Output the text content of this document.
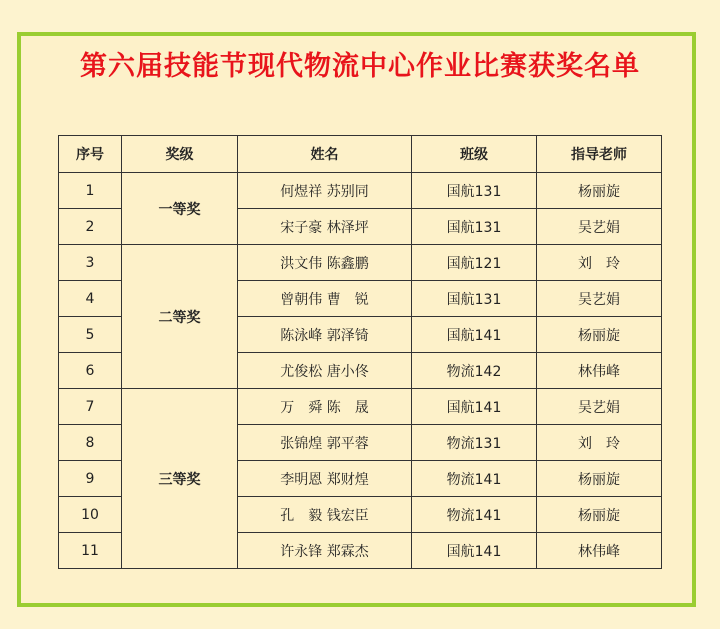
第六届技能节现代物流中心作业比赛获奖名单
序号	奖级	姓名	班级	指导老师
1	一等奖	何煜祥 苏别同	国航131	杨丽旋
2		宋子豪 林泽坪	国航131	吴艺娟
3	二等奖	洪文伟 陈鑫鹏	国航121	刘　玲
4		曾朝伟 曹　锐	国航131	吴艺娟
5		陈泳峰 郭泽锜	国航141	杨丽旋
6		尤俊松 唐小佟	物流142	林伟峰
7	三等奖	万　舜 陈　晟	国航141	吴艺娟
8		张锦煌 郭平蓉	物流131	刘　玲
9		李明恩 郑财煌	物流141	杨丽旋
10		孔　毅 钱宏臣	物流141	杨丽旋
11		许永锋 郑霖杰	国航141	林伟峰
